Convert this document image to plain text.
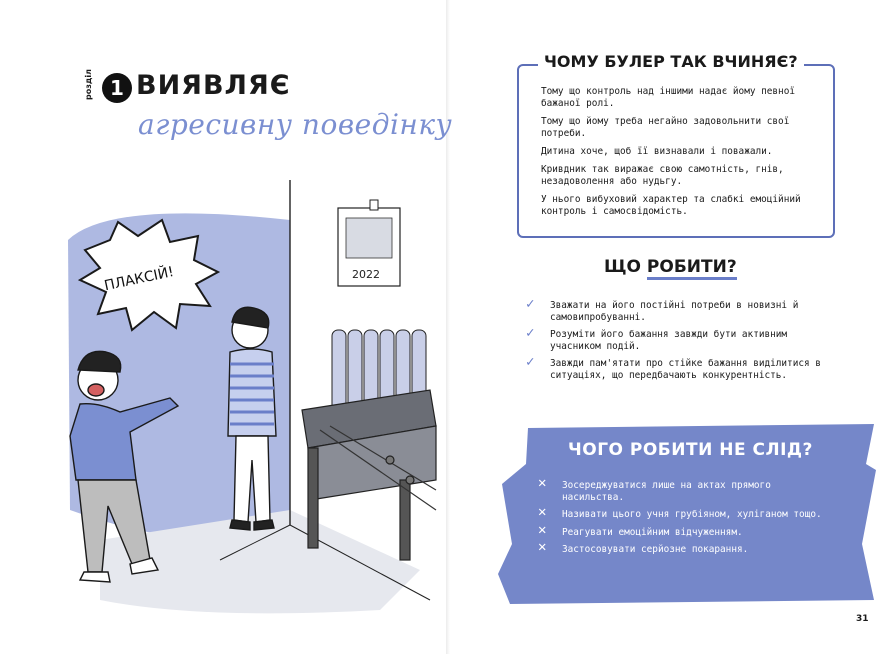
розділ 1 ВИЯВЛЯЄ
агресивну поведінку
2022
ПЛАКСІЙ!
ЧОМУ БУЛЕР ТАК ВЧИНЯЄ?
Тому що контроль над іншими надає йому певної бажаної ролі.
Тому що йому треба негайно задовольнити свої потреби.
Дитина хоче, щоб її визнавали і поважали.
Кривдник так виражає свою самотність, гнів, незадоволення або нудьгу.
У нього вибуховий характер та слабкі емоційний контроль і самосвідомість.
ЩО РОБИТИ?
✓ Зважати на його постійні потреби в новизні й самовипробуванні.
✓ Розуміти його бажання завжди бути активним учасником подій.
✓ Завжди пам'ятати про стійке бажання виділитися в ситуаціях, що передбачають конкурентність.
ЧОГО РОБИТИ НЕ СЛІД?
✕ Зосереджуватися лише на актах прямого насильства.
✕ Називати цього учня грубіяном, хуліганом тощо.
✕ Реагувати емоційним відчуженням.
✕ Застосовувати серйозне покарання.
31
